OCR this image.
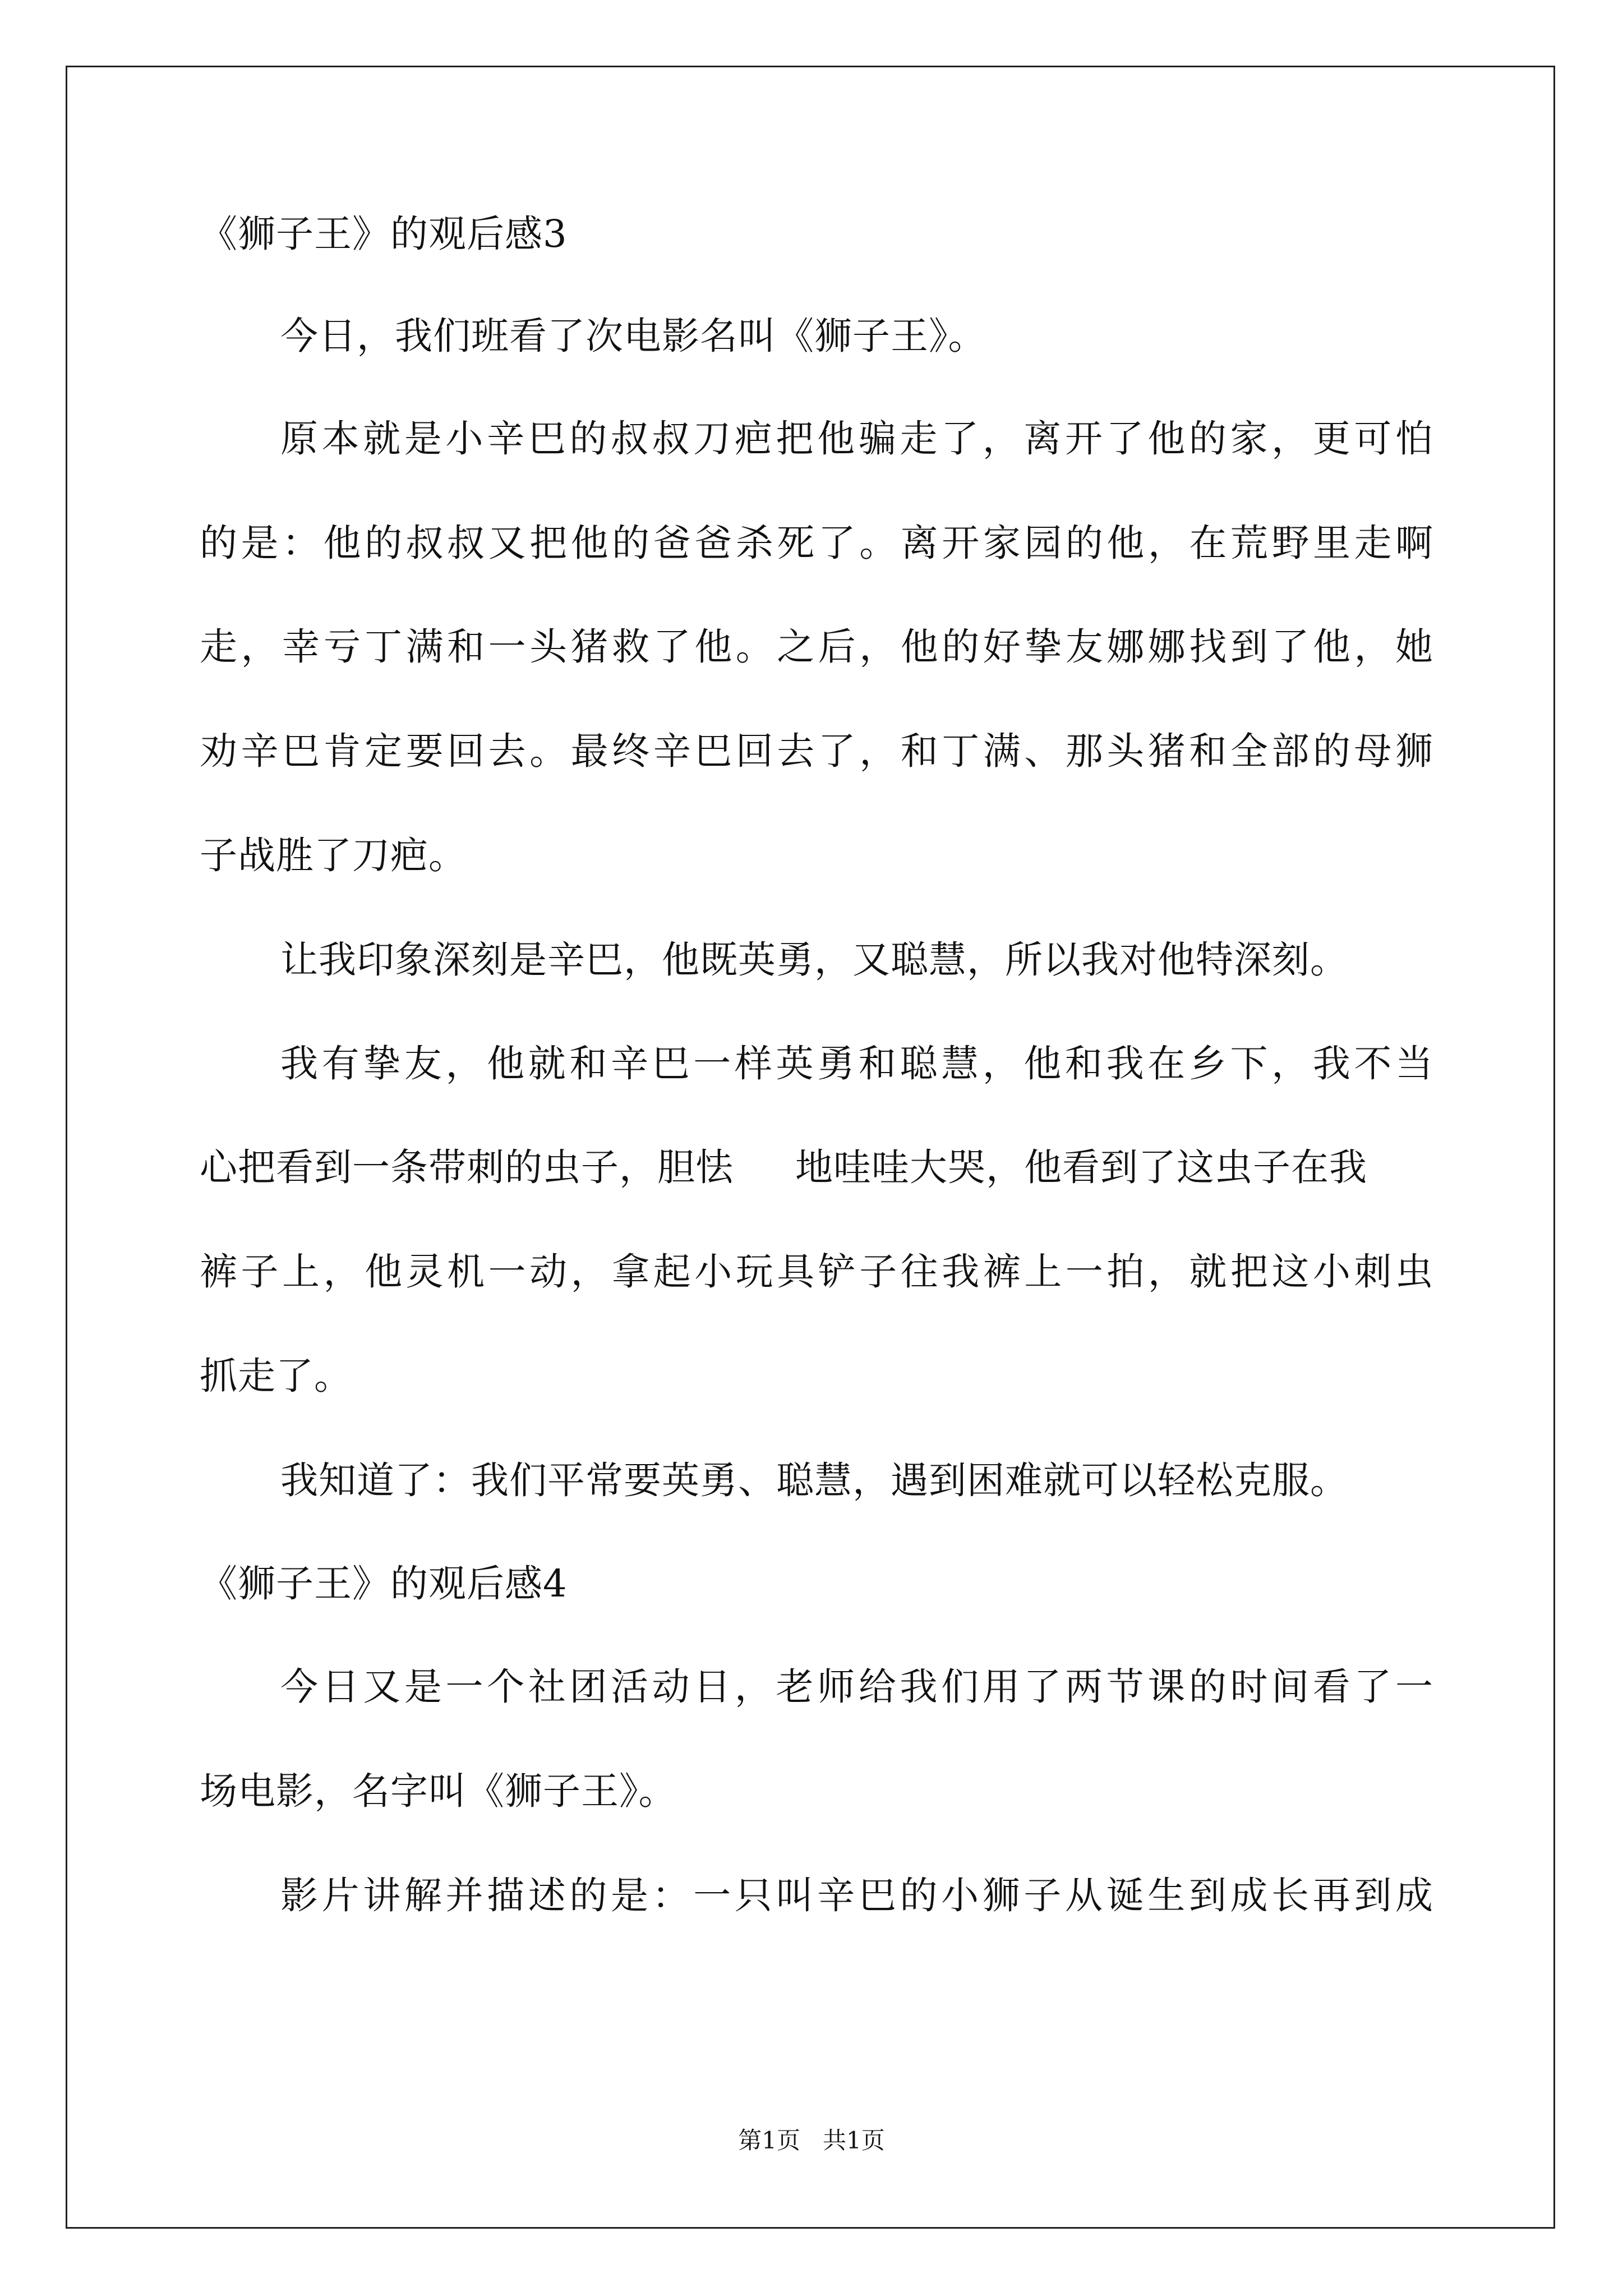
《狮子王》的观后感3
今日，我们班看了次电影名叫《狮子王》。
原本就是小辛巴的叔叔刀疤把他骗走了，离开了他的家，更可怕
的是：他的叔叔又把他的爸爸杀死了。离开家园的他，在荒野里走啊
走，幸亏丁满和一头猪救了他。之后，他的好挚友娜娜找到了他，她
劝辛巴肯定要回去。最终辛巴回去了，和丁满、那头猪和全部的母狮
子战胜了刀疤。
让我印象深刻是辛巴，他既英勇，又聪慧，所以我对他特深刻。
我有挚友，他就和辛巴一样英勇和聪慧，他和我在乡下，我不当
心把看到一条带刺的虫子，胆怯 地哇哇大哭，他看到了这虫子在我
裤子上，他灵机一动，拿起小玩具铲子往我裤上一拍，就把这小刺虫
抓走了。
我知道了：我们平常要英勇、聪慧，遇到困难就可以轻松克服。
《狮子王》的观后感4
今日又是一个社团活动日，老师给我们用了两节课的时间看了一
场电影，名字叫《狮子王》。
影片讲解并描述的是：一只叫辛巴的小狮子从诞生到成长再到成
第1页 共1页
